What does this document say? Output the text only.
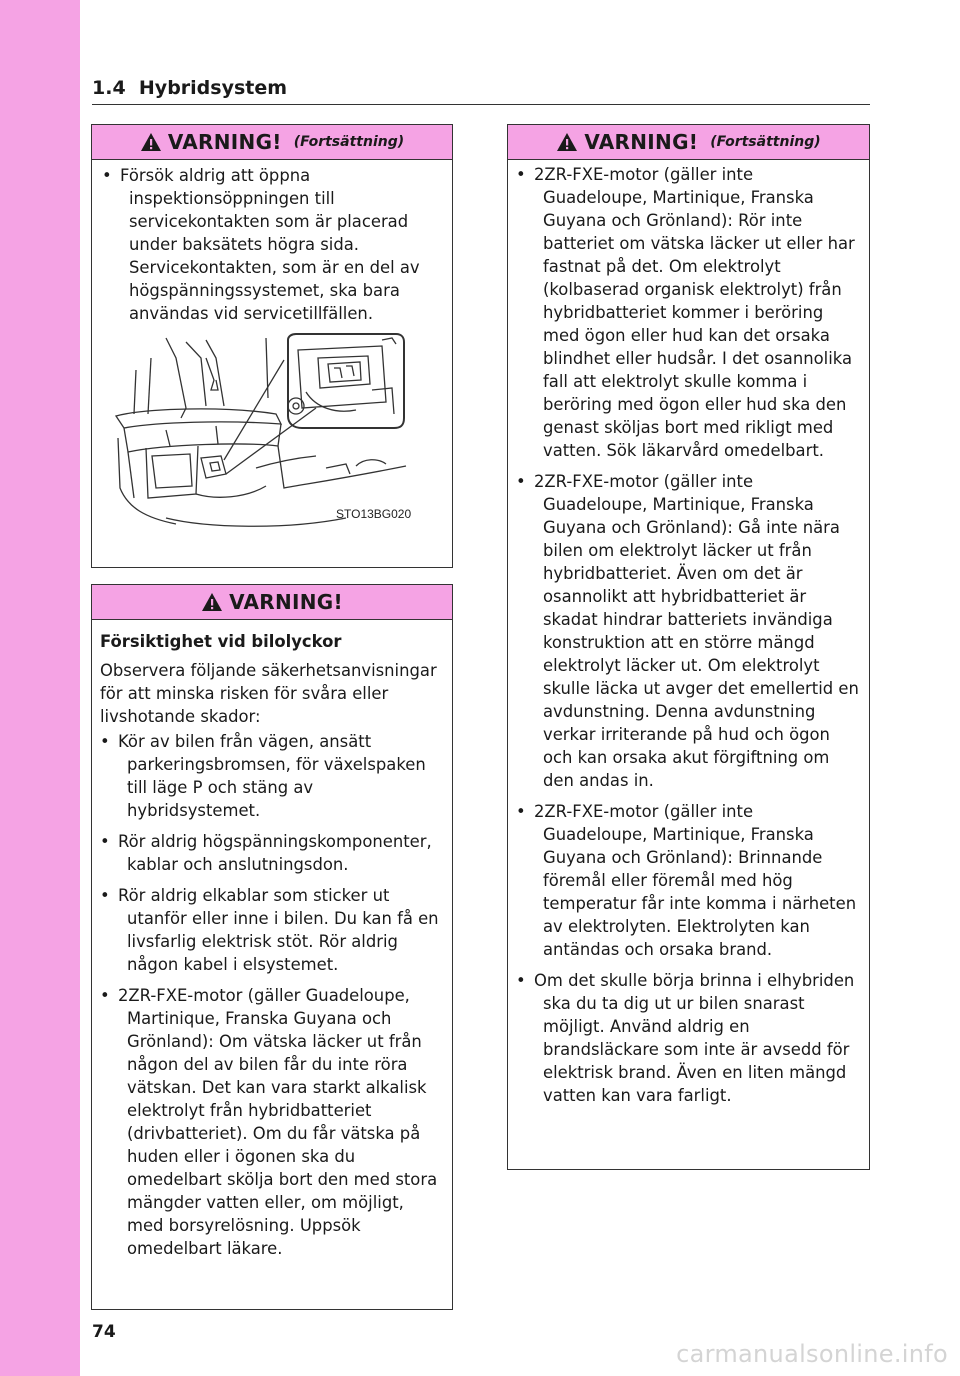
1.4 Hybridsystem
VARNING! (Fortsättning)
• Försök aldrig att öppna inspektionsöppningen till servicekontakten som är placerad under baksätets högra sida. Servicekontakten, som är en del av högspänningssystemet, ska bara användas vid servicetillfällen.
STO13BG020
VARNING!

Försiktighet vid bilolyckor

Observera följande säkerhetsanvisningar för att minska risken för svåra eller livshotande skador:

• Kör av bilen från vägen, ansätt parkeringsbromsen, för växelspaken till läge P och stäng av hybridsystemet.
• Rör aldrig högspänningskomponenter, kablar och anslutningsdon.
• Rör aldrig elkablar som sticker ut utanför eller inne i bilen. Du kan få en livsfarlig elektrisk stöt. Rör aldrig någon kabel i elsystemet.
• 2ZR-FXE-motor (gäller Guadeloupe, Martinique, Franska Guyana och Grönland): Om vätska läcker ut från någon del av bilen får du inte röra vätskan. Det kan vara starkt alkalisk elektrolyt från hybridbatteriet (drivbatteriet). Om du får vätska på huden eller i ögonen ska du omedelbart skölja bort den med stora mängder vatten eller, om möjligt, med borsyrelösning. Uppsök omedelbart läkare.
VARNING! (Fortsättning)
• 2ZR-FXE-motor (gäller inte Guadeloupe, Martinique, Franska Guyana och Grönland): Rör inte batteriet om vätska läcker ut eller har fastnat på det. Om elektrolyt (kolbaserad organisk elektrolyt) från hybridbatteriet kommer i beröring med ögon eller hud kan det orsaka blindhet eller hudsår. I det osannolika fall att elektrolyt skulle komma i beröring med ögon eller hud ska den genast sköljas bort med rikligt med vatten. Sök läkarvård omedelbart.
• 2ZR-FXE-motor (gäller inte Guadeloupe, Martinique, Franska Guyana och Grönland): Gå inte nära bilen om elektrolyt läcker ut från hybridbatteriet. Även om det är osannolikt att hybridbatteriet är skadat hindrar batteriets invändiga konstruktion att en större mängd elektrolyt läcker ut. Om elektrolyt skulle läcka ut avger det emellertid en avdunstning. Denna avdunstning verkar irriterande på hud och ögon och kan orsaka akut förgiftning om den andas in.
• 2ZR-FXE-motor (gäller inte Guadeloupe, Martinique, Franska Guyana och Grönland): Brinnande föremål eller föremål med hög temperatur får inte komma i närheten av elektrolyten. Elektrolyten kan antändas och orsaka brand.
• Om det skulle börja brinna i elhybriden ska du ta dig ut ur bilen snarast möjligt. Använd aldrig en brandsläckare som inte är avsedd för elektrisk brand. Även en liten mängd vatten kan vara farligt.
74
carmanualsonline.info
